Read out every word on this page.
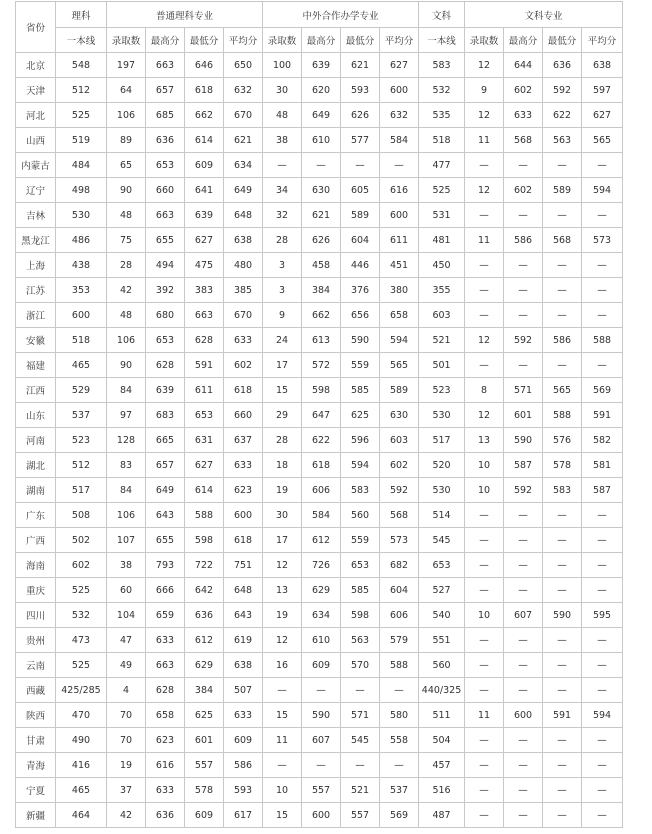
省份	理科	普通理科专业				中外合作办学专业				文科	文科专业			
	一本线	录取数	最高分	最低分	平均分	录取数	最高分	最低分	平均分	一本线	录取数	最高分	最低分	平均分
北京	548	197	663	646	650	100	639	621	627	583	12	644	636	638
天津	512	64	657	618	632	30	620	593	600	532	9	602	592	597
河北	525	106	685	662	670	48	649	626	632	535	12	633	622	627
山西	519	89	636	614	621	38	610	577	584	518	11	568	563	565
内蒙古	484	65	653	609	634	—	—	—	—	477	—	—	—	—
辽宁	498	90	660	641	649	34	630	605	616	525	12	602	589	594
吉林	530	48	663	639	648	32	621	589	600	531	—	—	—	—
黑龙江	486	75	655	627	638	28	626	604	611	481	11	586	568	573
上海	438	28	494	475	480	3	458	446	451	450	—	—	—	—
江苏	353	42	392	383	385	3	384	376	380	355	—	—	—	—
浙江	600	48	680	663	670	9	662	656	658	603	—	—	—	—
安徽	518	106	653	628	633	24	613	590	594	521	12	592	586	588
福建	465	90	628	591	602	17	572	559	565	501	—	—	—	—
江西	529	84	639	611	618	15	598	585	589	523	8	571	565	569
山东	537	97	683	653	660	29	647	625	630	530	12	601	588	591
河南	523	128	665	631	637	28	622	596	603	517	13	590	576	582
湖北	512	83	657	627	633	18	618	594	602	520	10	587	578	581
湖南	517	84	649	614	623	19	606	583	592	530	10	592	583	587
广东	508	106	643	588	600	30	584	560	568	514	—	—	—	—
广西	502	107	655	598	618	17	612	559	573	545	—	—	—	—
海南	602	38	793	722	751	12	726	653	682	653	—	—	—	—
重庆	525	60	666	642	648	13	629	585	604	527	—	—	—	—
四川	532	104	659	636	643	19	634	598	606	540	10	607	590	595
贵州	473	47	633	612	619	12	610	563	579	551	—	—	—	—
云南	525	49	663	629	638	16	609	570	588	560	—	—	—	—
西藏	425/285	4	628	384	507	—	—	—	—	440/325	—	—	—	—
陕西	470	70	658	625	633	15	590	571	580	511	11	600	591	594
甘肃	490	70	623	601	609	11	607	545	558	504	—	—	—	—
青海	416	19	616	557	586	—	—	—	—	457	—	—	—	—
宁夏	465	37	633	578	593	10	557	521	537	516	—	—	—	—
新疆	464	42	636	609	617	15	600	557	569	487	—	—	—	—
